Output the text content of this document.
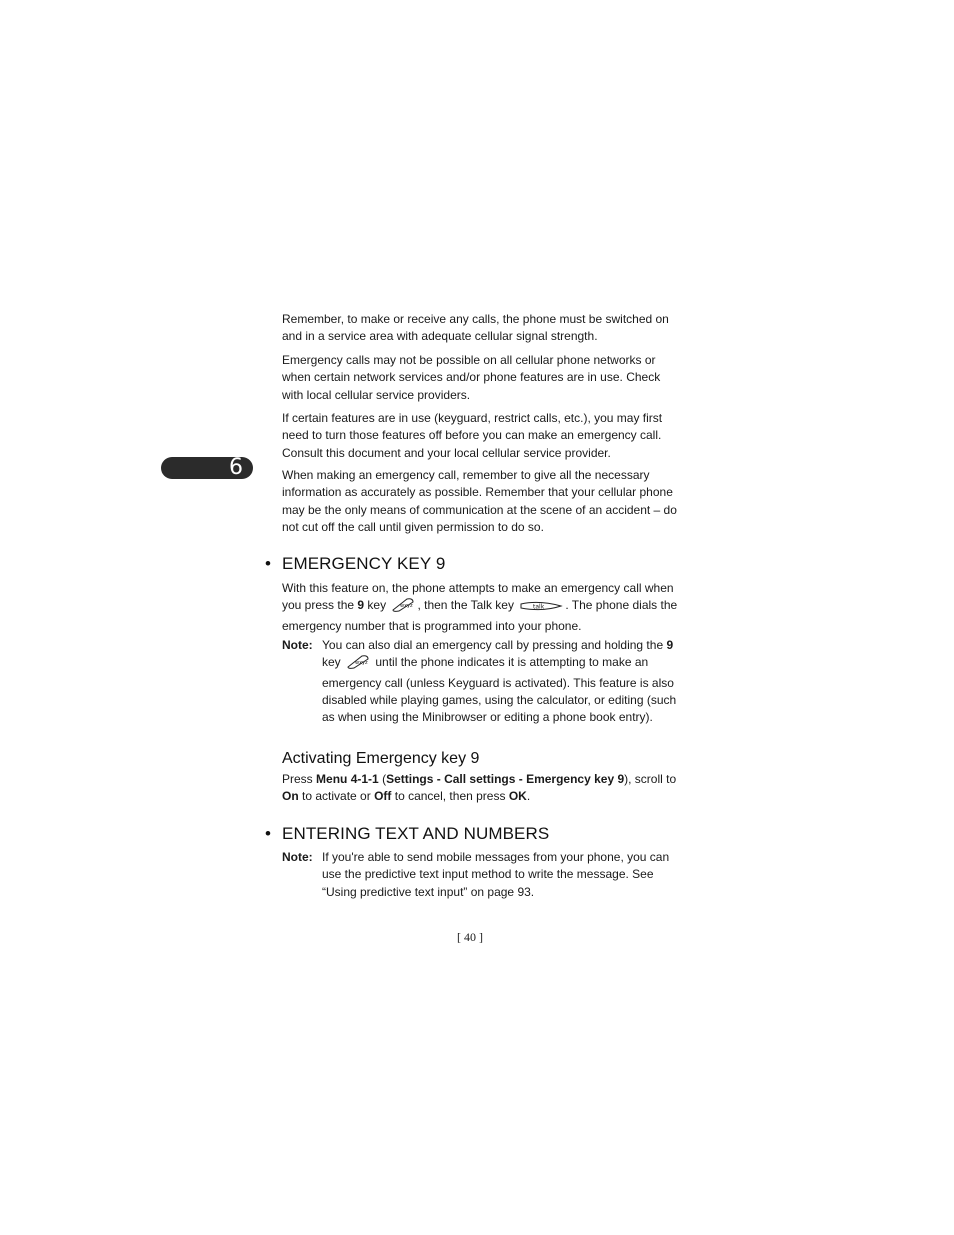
6

Remember, to make or receive any calls, the phone must be switched on and in a service area with adequate cellular signal strength.

Emergency calls may not be possible on all cellular phone networks or when certain network services and/or phone features are in use. Check with local cellular service providers.

If certain features are in use (keyguard, restrict calls, etc.), you may first need to turn those features off before you can make an emergency call. Consult this document and your local cellular service provider.

When making an emergency call, remember to give all the necessary information as accurately as possible. Remember that your cellular phone may be the only means of communication at the scene of an accident – do not cut off the call until given permission to do so.

• EMERGENCY KEY 9

With this feature on, the phone attempts to make an emergency call when you press the 9 key	wxyz , then the Talk key	talk . The phone dials the emergency number that is programmed into your phone.

Note: You can also dial an emergency call by pressing and holding the 9 key	wxyz until the phone indicates it is attempting to make an emergency call (unless Keyguard is activated). This feature is also disabled while playing games, using the calculator, or editing (such as when using the Minibrowser or editing a phone book entry).
Activating Emergency key 9

Press Menu 4-1-1 (Settings - Call settings - Emergency key 9), scroll to On to activate or Off to cancel, then press OK.

• ENTERING TEXT AND NUMBERS
Note: If you're able to send mobile messages from your phone, you can use the predictive text input method to write the message. See “Using predictive text input” on page 93.
[ 40 ]
